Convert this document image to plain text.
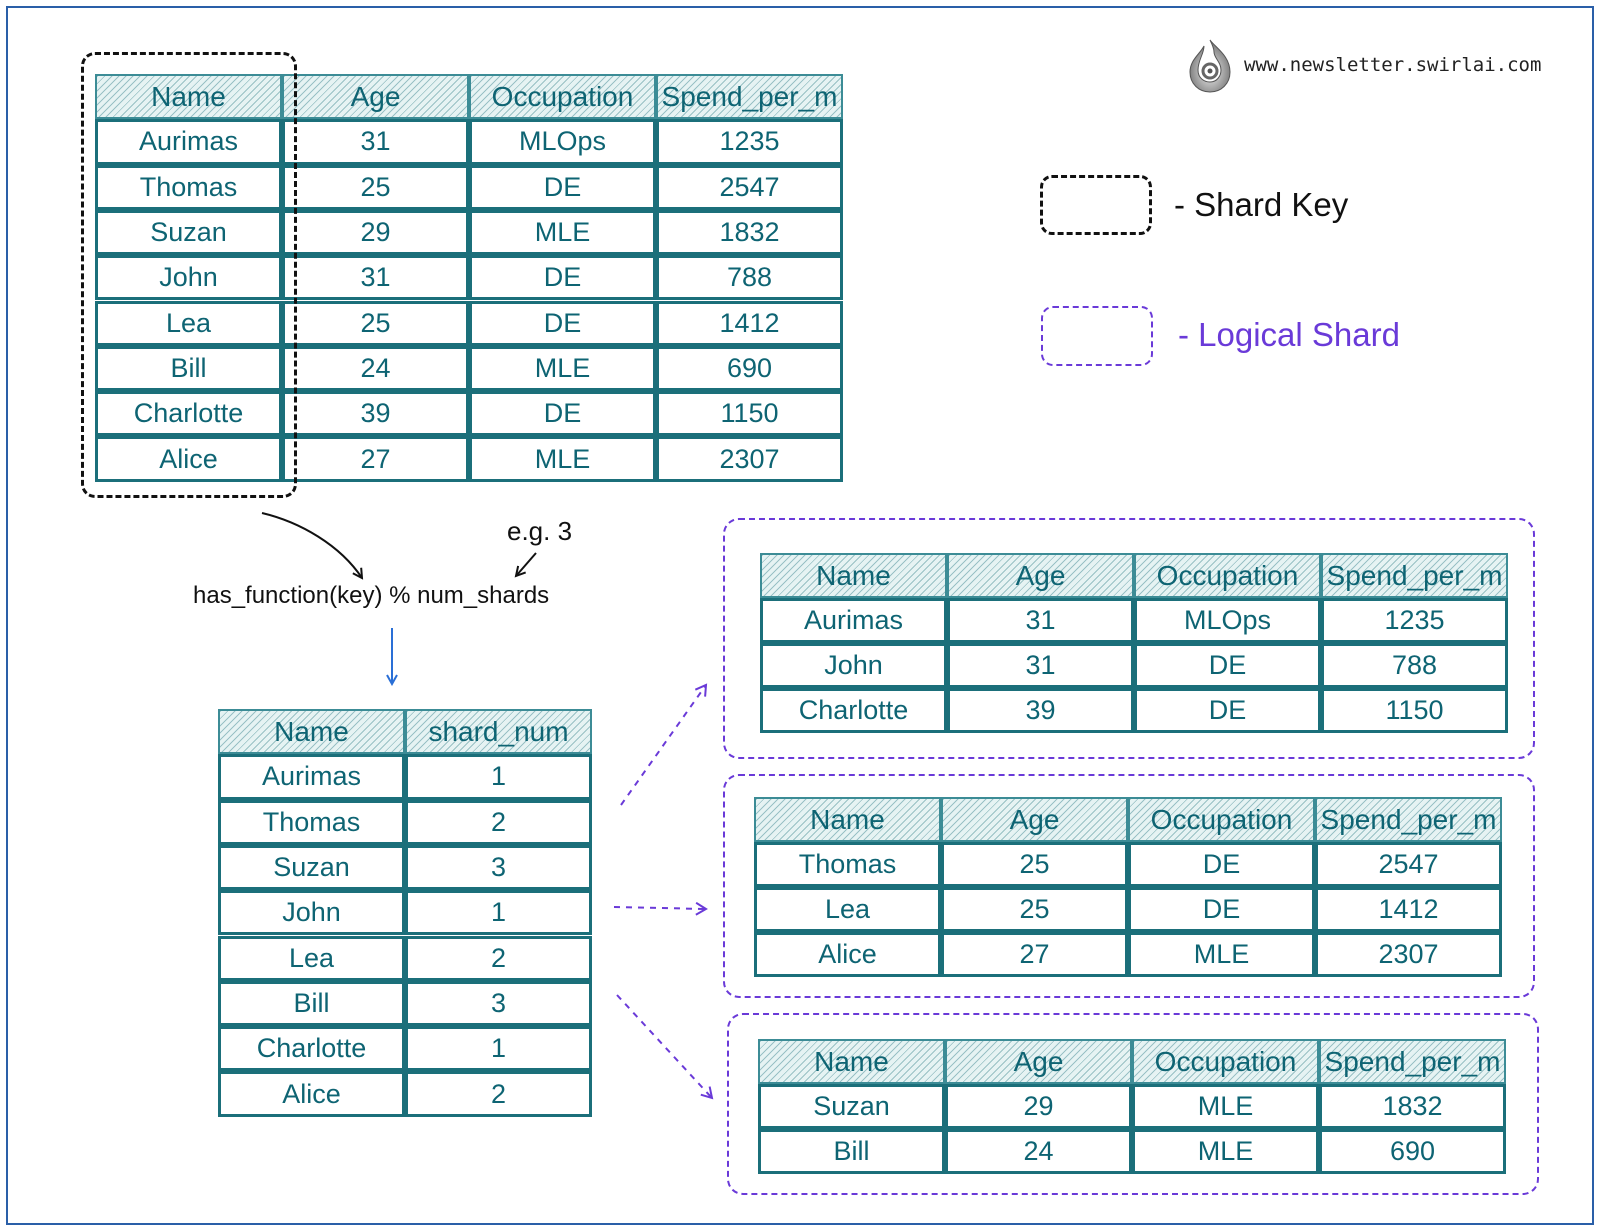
www.newsletter.swirlai.com
- Shard Key
- Logical Shard
Name	Age	Occupation	Spend_per_m
Aurimas	31	MLOps	1235
Thomas	25	DE	2547
Suzan	29	MLE	1832
John	31	DE	788
Lea	25	DE	1412
Bill	24	MLE	690
Charlotte	39	DE	1150
Alice	27	MLE	2307
e.g. 3
has_function(key) % num_shards
Name	shard_num
Aurimas	1
Thomas	2
Suzan	3
John	1
Lea	2
Bill	3
Charlotte	1
Alice	2
Name	Age	Occupation	Spend_per_m
Aurimas	31	MLOps	1235
John	31	DE	788
Charlotte	39	DE	1150
Name	Age	Occupation	Spend_per_m
Thomas	25	DE	2547
Lea	25	DE	1412
Alice	27	MLE	2307
Name	Age	Occupation	Spend_per_m
Suzan	29	MLE	1832
Bill	24	MLE	690
